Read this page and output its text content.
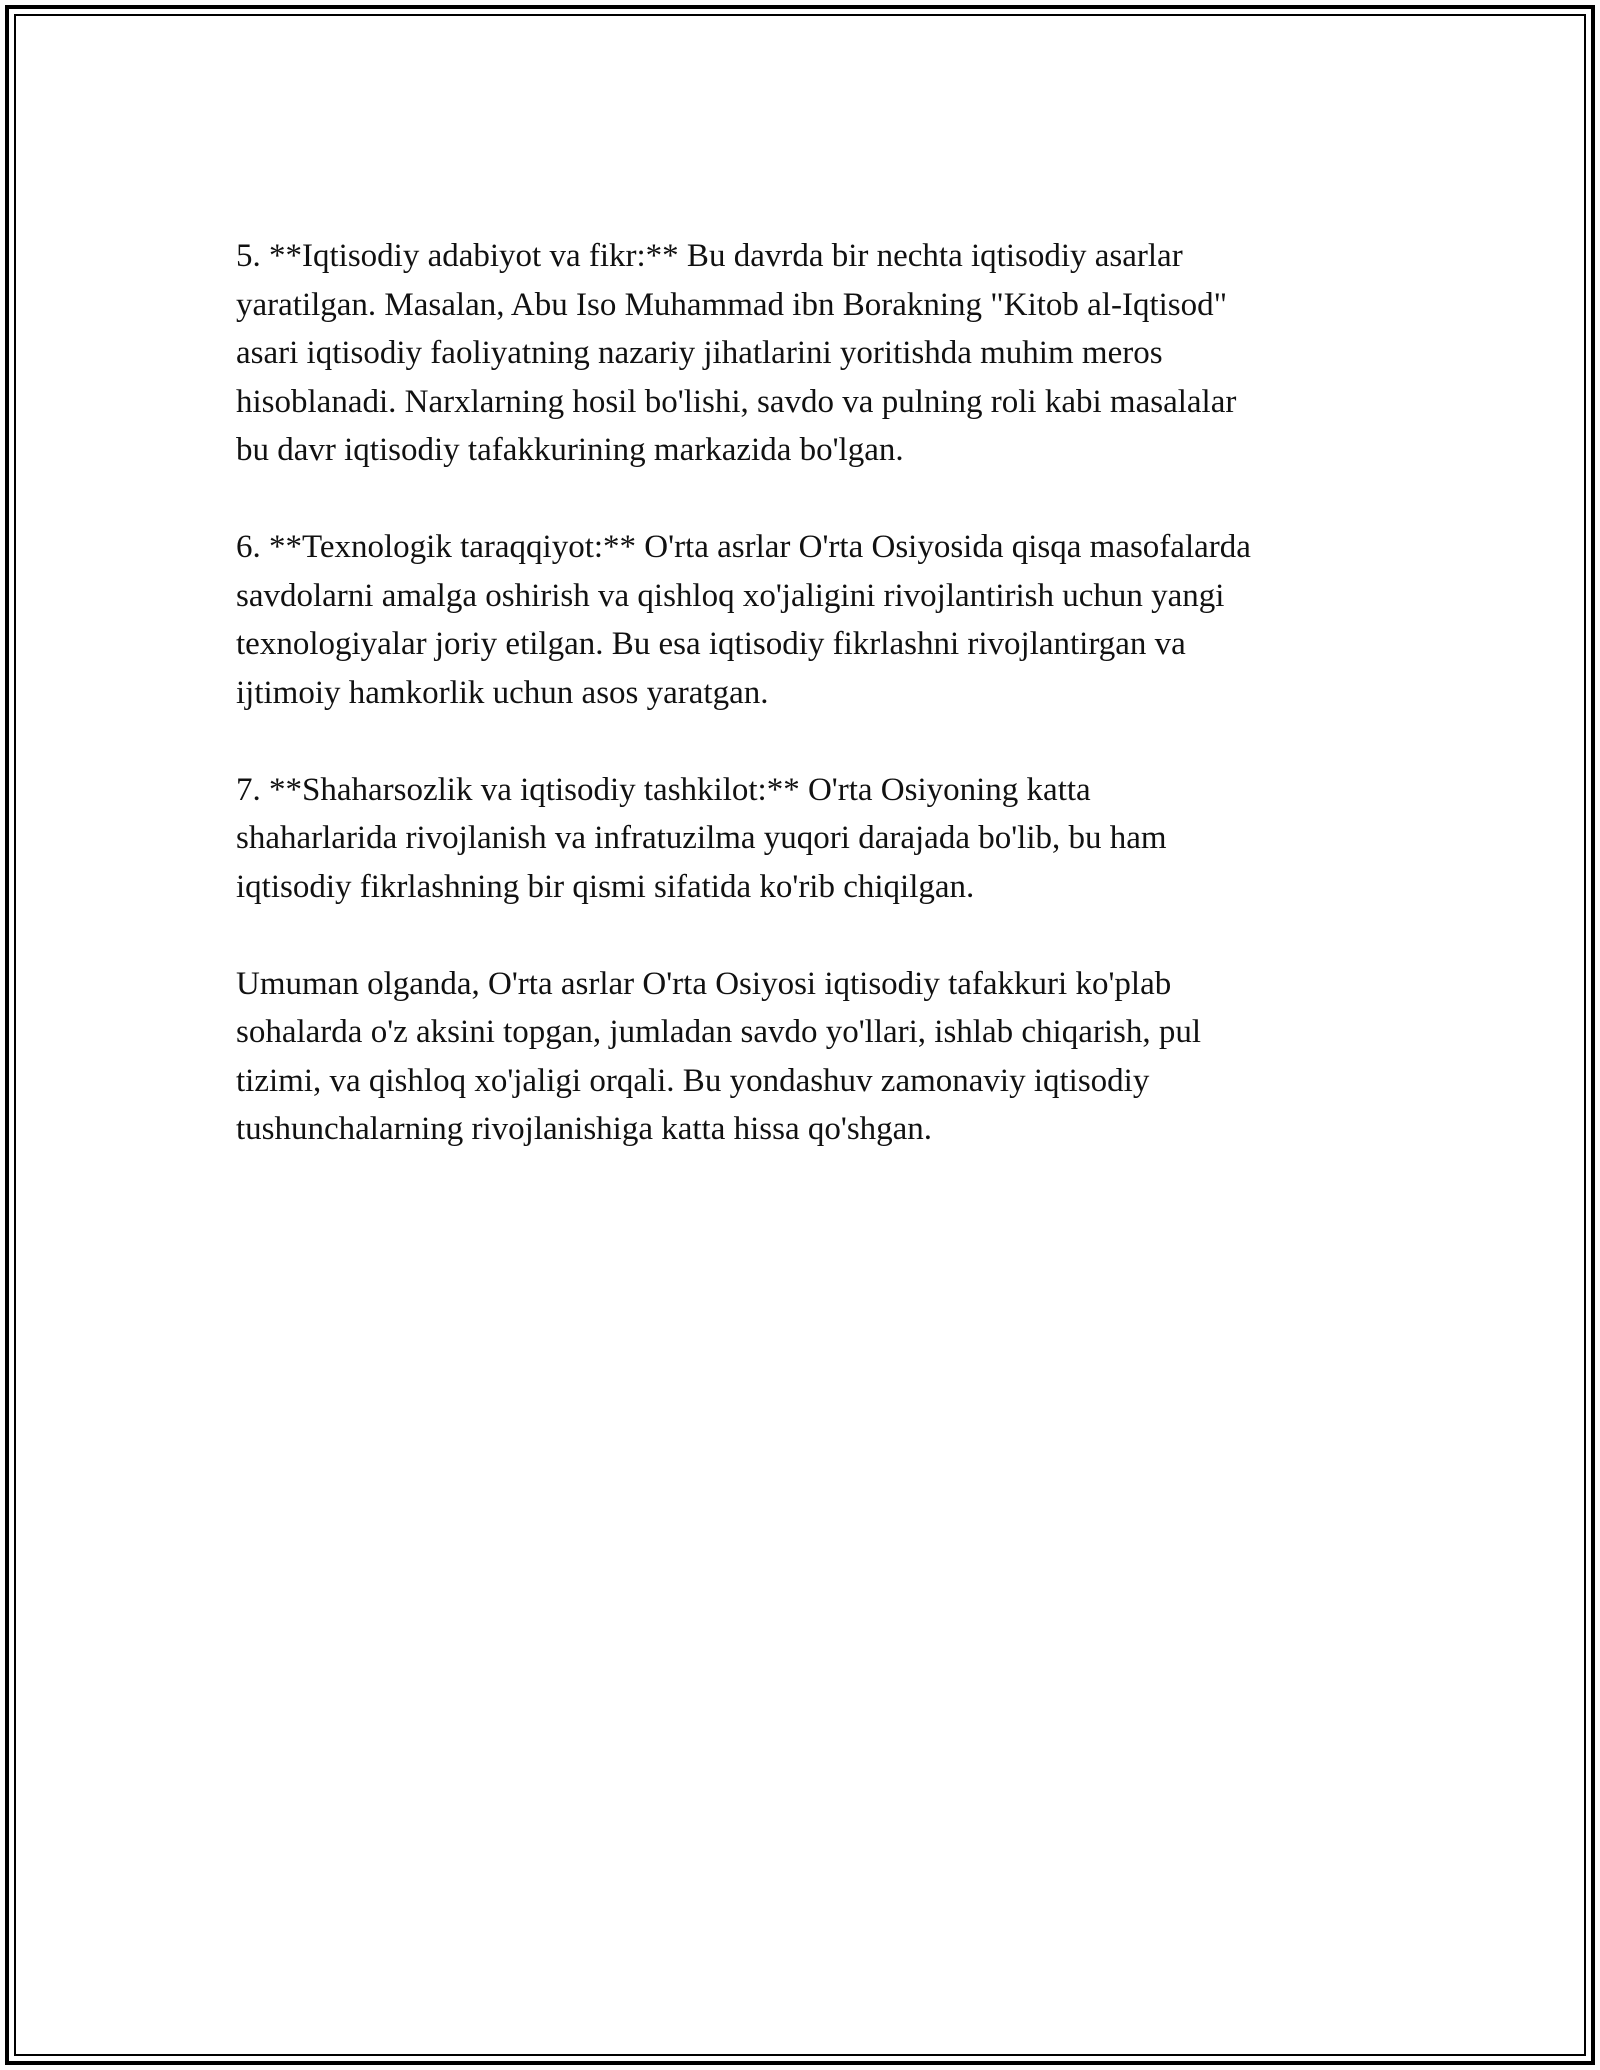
5. **Iqtisodiy adabiyot va fikr:** Bu davrda bir nechta iqtisodiy asarlar
yaratilgan. Masalan, Abu Iso Muhammad ibn Borakning "Kitob al-Iqtisod"
asari iqtisodiy faoliyatning nazariy jihatlarini yoritishda muhim meros
hisoblanadi. Narxlarning hosil bo'lishi, savdo va pulning roli kabi masalalar
bu davr iqtisodiy tafakkurining markazida bo'lgan.

6. **Texnologik taraqqiyot:** O'rta asrlar O'rta Osiyosida qisqa masofalarda
savdolarni amalga oshirish va qishloq xo'jaligini rivojlantirish uchun yangi
texnologiyalar joriy etilgan. Bu esa iqtisodiy fikrlashni rivojlantirgan va
ijtimoiy hamkorlik uchun asos yaratgan.

7. **Shaharsozlik va iqtisodiy tashkilot:** O'rta Osiyoning katta
shaharlarida rivojlanish va infratuzilma yuqori darajada bo'lib, bu ham
iqtisodiy fikrlashning bir qismi sifatida ko'rib chiqilgan.

Umuman olganda, O'rta asrlar O'rta Osiyosi iqtisodiy tafakkuri ko'plab
sohalarda o'z aksini topgan, jumladan savdo yo'llari, ishlab chiqarish, pul
tizimi, va qishloq xo'jaligi orqali. Bu yondashuv zamonaviy iqtisodiy
tushunchalarning rivojlanishiga katta hissa qo'shgan.
